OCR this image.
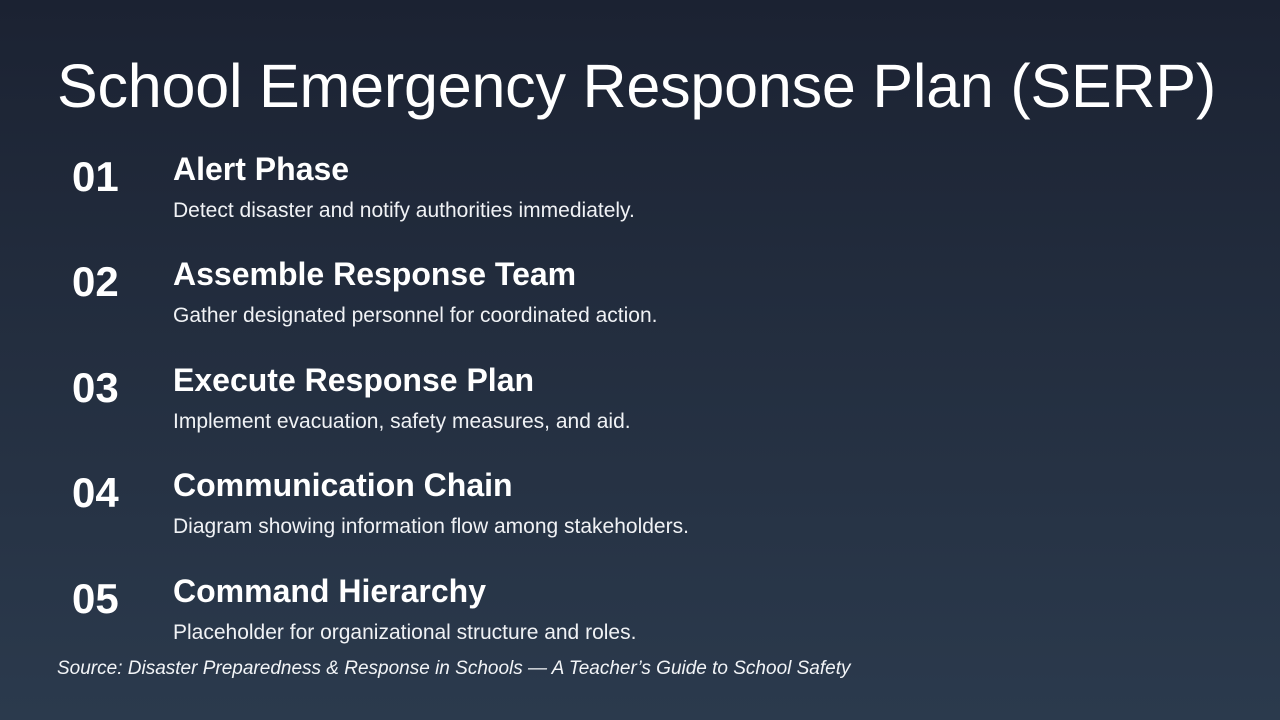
School Emergency Response Plan (SERP)
01 Alert Phase
Detect disaster and notify authorities immediately.
02 Assemble Response Team
Gather designated personnel for coordinated action.
03 Execute Response Plan
Implement evacuation, safety measures, and aid.
04 Communication Chain
Diagram showing information flow among stakeholders.
05 Command Hierarchy
Placeholder for organizational structure and roles.
Source: Disaster Preparedness & Response in Schools — A Teacher’s Guide to School Safety
